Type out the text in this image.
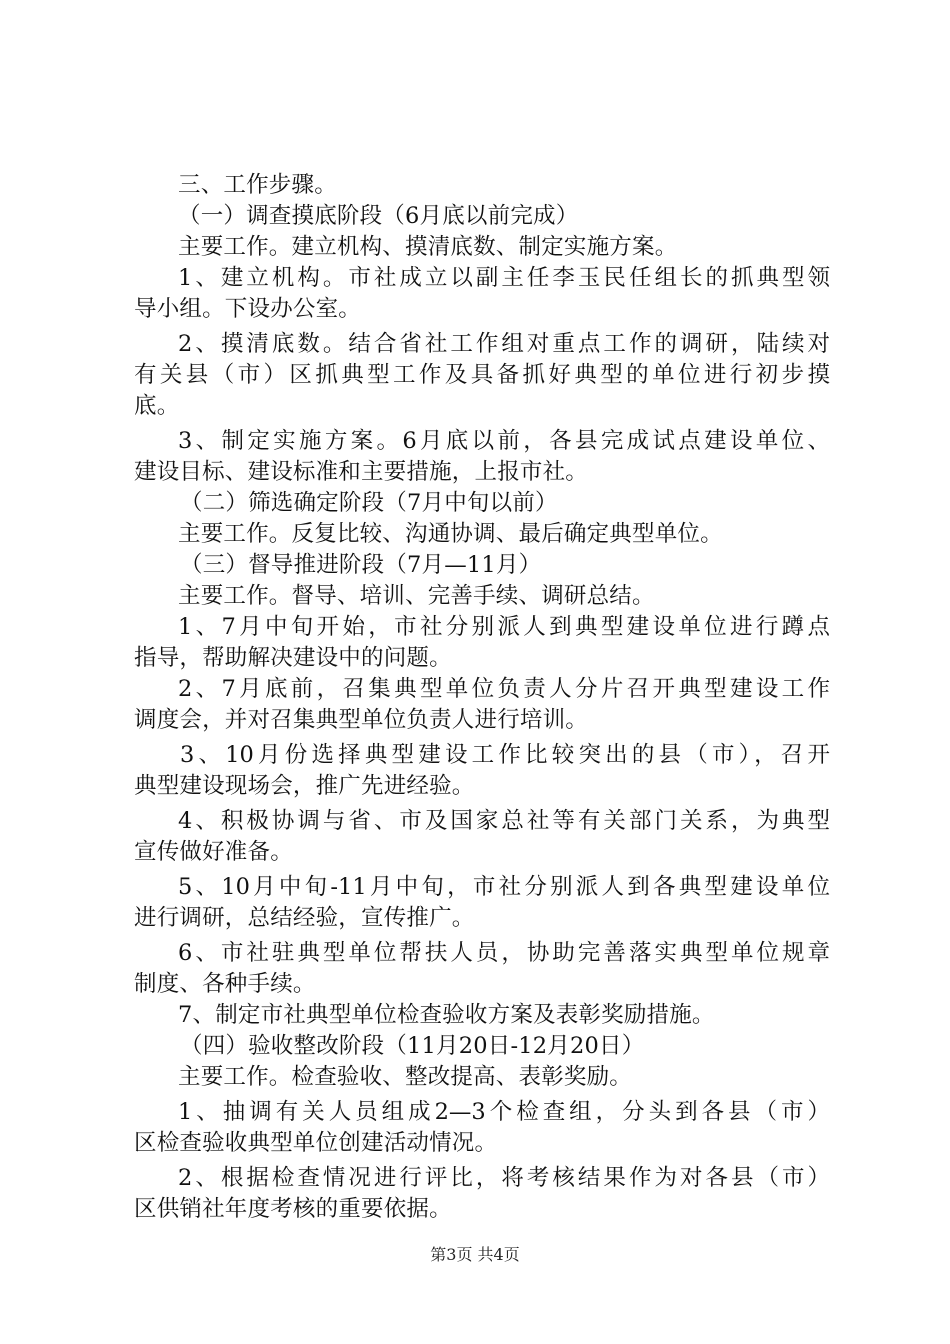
三、工作步骤。
（一）调查摸底阶段（6月底以前完成）
主要工作。建立机构、摸清底数、制定实施方案。
1、建立机构。市社成立以副主任李玉民任组长的抓典型领
导小组。下设办公室。
2、摸清底数。结合省社工作组对重点工作的调研，陆续对
有关县（市）区抓典型工作及具备抓好典型的单位进行初步摸
底。
3、制定实施方案。6月底以前，各县完成试点建设单位、
建设目标、建设标准和主要措施，上报市社。
（二）筛选确定阶段（7月中旬以前）
主要工作。反复比较、沟通协调、最后确定典型单位。
（三）督导推进阶段（7月—11月）
主要工作。督导、培训、完善手续、调研总结。
1、7月中旬开始，市社分别派人到典型建设单位进行蹲点
指导，帮助解决建设中的问题。
2、7月底前，召集典型单位负责人分片召开典型建设工作
调度会，并对召集典型单位负责人进行培训。
3、10月份选择典型建设工作比较突出的县（市），召开
典型建设现场会，推广先进经验。
4、积极协调与省、市及国家总社等有关部门关系，为典型
宣传做好准备。
5、10月中旬-11月中旬，市社分别派人到各典型建设单位
进行调研，总结经验，宣传推广。
6、市社驻典型单位帮扶人员，协助完善落实典型单位规章
制度、各种手续。
7、制定市社典型单位检查验收方案及表彰奖励措施。
（四）验收整改阶段（11月20日-12月20日）
主要工作。检查验收、整改提高、表彰奖励。
1、抽调有关人员组成2—3个检查组，分头到各县（市）
区检查验收典型单位创建活动情况。
2、根据检查情况进行评比，将考核结果作为对各县（市）
区供销社年度考核的重要依据。
第3页 共4页
